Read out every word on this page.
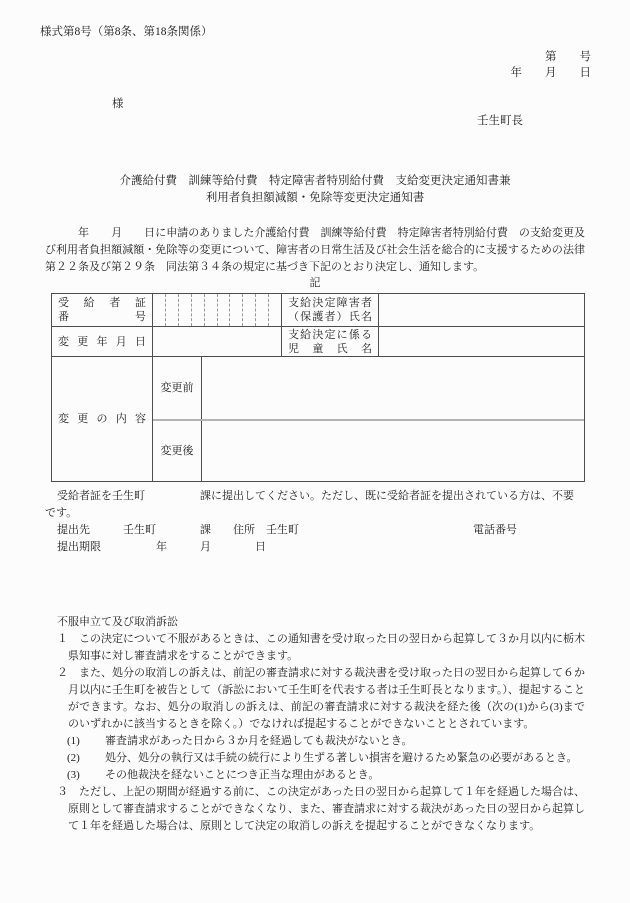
様式第8号（第8条、第18条関係）
第　　号
年　　月　　日
様
壬生町長
介護給付費　訓練等給付費　特定障害者特別給付費　支給変更決定通知書兼
利用者負担額減額・免除等変更決定通知書
　　　年　　月　　日に申請のありました介護給付費　訓練等給付費　特定障害者特別給付費　の支給変更及び利用者負担額減額・免除等の変更について、障害者の日常生活及び社会生活を総合的に支援するための法律第２２条及び第２９条　同法第３４条の規定に基づき下記のとおり決定し、通知します。
記
受給者証
番号
支給決定障害者
（保護者）氏名
変更年月日
支給決定に係る
児童氏名
変更の内容
変更前
変更後
受給者証を壬生町　　　　　課に提出してください。ただし、既に受給者証を提出されている方は、不要
です。
提出先　　　壬生町　　　　課　　住所　壬生町	電話番号
提出期限　　　　　年　　　月　　　　日
不服申立て及び取消訴訟
１ この決定について不服があるときは、この通知書を受け取った日の翌日から起算して３か月以内に栃木県知事に対し審査請求をすることができます。
２ また、処分の取消しの訴えは、前記の審査請求に対する裁決書を受け取った日の翌日から起算して６か月以内に壬生町を被告として（訴訟において壬生町を代表する者は壬生町長となります。）、提起することができます。なお、処分の取消しの訴えは、前記の審査請求に対する裁決を経た後（次の(1)から(3)までのいずれかに該当するときを除く。）でなければ提起することができないこととされています。
(1) 審査請求があった日から３か月を経過しても裁決がないとき。
(2) 処分、処分の執行又は手続の続行により生ずる著しい損害を避けるため緊急の必要があるとき。
(3) その他裁決を経ないことにつき正当な理由があるとき。
３ ただし、上記の期間が経過する前に、この決定があった日の翌日から起算して１年を経過した場合は、原則として審査請求することができなくなり、また、審査請求に対する裁決があった日の翌日から起算して１年を経過した場合は、原則として決定の取消しの訴えを提起することができなくなります。
